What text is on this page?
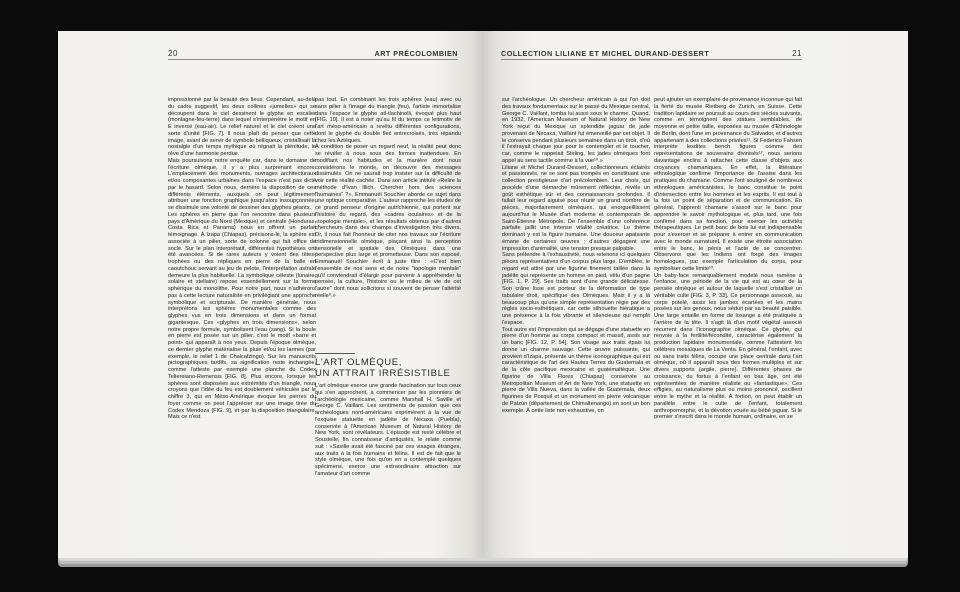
20	ART PRÉCOLOMBIEN
impressionné par la beauté des lieux. Cependant, au-delà du cadre suggestif, les deux collines «jumelles» qui se découpent dans le ciel dessinent le glyphe en escalier (montagne-feu-terre) dans lequel s'interpénètre le motif en E inversé (eau-air). Le relief naturel et le ciel créent une sorte d'unité [FIG. 7]. Il nous plaît de penser que cette image, avant de servir de symbole belliqueux, cristallisait la nostalgie d'un temps mythique où régnait la plénitude, le rêve d'une harmonie perdue.
Mais poursuivons notre enquête car, dans le domaine de l'écriture olmèque, il y a plus surprenant encore. L'emplacement des monuments, ouvrages architecturaux et/ou composantes urbaines dans l'espace n'est pas dicté par le hasard. Selon nous, derrière la disposition de ces différents éléments, auxquels on peut légitimement attribuer une fonction graphique jusqu'alors insoupçonnée, se dissimule une volonté de dessiner des glyphes géants.
Les sphères en pierre que l'on rencontre dans plusieurs pays d'Amérique du Nord (Mexique) et centrale (Honduras, Costa Rica et Panama) nous en offrent un parfait témoignage. À Izapa (Chiapas), précisons-le, la sphère est associée à un pilier, sorte de colonne qui fait office de socle. Sur le plan interprétatif, différentes hypothèses ont été avancées. Si de rares auteurs y voient des têtes-trophées ou des répliques en pierre de la balle en caoutchouc servant au jeu de pelote, l'interprétation astrale demeure la plus habituelle. La symbolique céleste (lunaire, solaire et stellaire) repose essentiellement sur la forme sphérique du monolithe. Pour notre part, nous n'adhérons pas à cette lecture naturaliste en privilégiant une approche symbolique et scripturale. De manière générale, nous interprétons les sphères monumentales comme des glyphes vus en trois dimensions et dans un format gigantesque. Ces «glyphes en trois dimensions», selon notre propre formule, symbolisent l'eau (sang). Si la boule en pierre est posée sur un pilier, c'est le motif «barre et point» qui apparaît à nos yeux. Depuis l'époque olmèque, ce dernier glyphe matérialise la pluie et/ou les larmes (par exemple, le relief 1 de Chalcatzingo). Sur les manuscrits pictographiques tardifs, sa signification reste inchangée, comme l'atteste par exemple une planche du Codex Tellereiano-Remensis [FIG. 8]. Plus encore, lorsque les sphères sont disposées aux extrémités d'un triangle, nous croyons que l'idée du feu est doublement véhiculée par le chiffre 3, qui en Méso-Amérique évoque les pierres du foyer comme on peut l'apprécier sur une image tirée du Codex Mendoza [FIG. 9], et par la disposition triangulaire. Mais ce n'est
pas tout. En combinant les trois sphères (eau) avec ou sans pilier à l'image du triangle (feu), l'artiste immortalise dans l'espace le glyphe atl-tlachinolli, évoqué plus haut [FIG. 10]. Il est à noter qu'au fil du temps ce leitmotiv de l'art méso-américain a revêtu différentes configurations, dont le glyphe du double fleć entrecroisés, très répandu chez les Aztèques.
À condition de poser un regard neuf, la réalité peut donc se révéler à nous sous des formes inattendues. En modifiant nos habitudes et la manière dont nous considérons le monde, on découvre des messages dissimulés. On ne saurait trop insister sur la difficulté de voir cette réalité cachée. Dans son article intitulé «Relire la méthode d'Ivan Illich. Chercher hors des sciences "humaines" ?», Emmanuël Souchier aborde ce sujet dans une optique comparative. L'auteur rapproche les études de ce grand penseur d'origine autrichienne, qui portent sur l'histoire du regard, des «cadres oculaires» et de la «topologie mentale», et les résultats obtenus par d'autres chercheurs dans des champs d'investigation très divers. Or, il nous fait l'honneur de citer nos travaux sur l'écriture tridimensionnelle olmèque, plaçant ainsi la perception sensorielle et spatiale des Olmèques dans une perspective plus large et prometteuse. Dans son exposé, Emmanuël Souchier écrit à juste titre : «C'est bien l'ensemble de nos sens et de notre "topologie mentale" qu'il conviendrait d'élargir pour parvenir à appréhender la pensée, la culture, l'histoire ou le milieu de vie de cet "autre" dont nous sollicitons si souvent de penser l'altérité réelle⁹.»
L'ART OLMÈQUE,
UN ATTRAIT IRRÉSISTIBLE
L'art olmèque exerce une grande fascination sur tous ceux qui s'en approchent, à commencer par les pionniers de l'archéologie mexicaine, comme Marshall H. Saville et George C. Vaillant. Les sentiments de passion que ces archéologues nord-américains exprimèrent à la vue de l'exquise statuette en jadéite de Necaxa (Puebla), conservée à l'American Museum of Natural History de New York, sont révélateurs. L'épisode est resté célèbre et Soustelle, fin connaisseur d'antiquités, le relate comme suit : «Saville avait été fasciné par ces visages étranges, aux traits à la fois humains et félins. Il est de fait que le style olmèque, une fois qu'on en a contemplé quelques spécimens, exerce une extraordinaire attraction sur l'amateur d'art comme
COLLECTION LILIANE ET MICHEL DURAND-DESSERT	21
sur l'archéologue. Un chercheur américain à qui l'on doit des travaux fondamentaux sur le passé du Mexique central, George C. Vaillant, tomba lui aussi sous le charme. Quand, en 1932, l'American Museum of Natural History de New York reçut du Mexique un splendide jaguar de jade provenant de Necaxa, Vaillant fut émerveillé par cet objet. Il le conserva pendant plusieurs semaines dans un tiroir, d'où il l'extrayait chaque jour pour le contempler et le toucher, car, comme le rappelait Stirling, les jades olmèques font appel au sens tactile comme à la vue¹⁰.»
Liliane et Michel Durand-Dessert, collectionneurs éclairés et passionnés, ne se sont pas trompés en constituant une collection prestigieuse d'art précolombien. Leur choix, qui procède d'une démarche mûrement réfléchie, révèle un goût esthétique sûr et des connaissances profondes. Il fallait leur regard aiguisé pour réunir un grand nombre de pièces, majoritairement olmèques, qui enorgueillissent aujourd'hui le Musée d'art moderne et contemporain de Saint-Étienne Métropole. De l'ensemble d'une cohérence parfaite jaillit une intense vitalité créatrice. Le thème dominant y est la figure humaine. Une douceur apaisante émane de certaines œuvres ; d'autres dégagent une impression d'animalité, une tension presque palpable.
Sans prétendre à l'exhaustivité, nous retenons ici quelques pièces représentatives d'un corpus plus large. D'emblée, le regard est attiré par une figurine finement taillée dans la jadéite qui représente un homme en pied, vêtu d'un pagne [FIG. 1, P. 29]. Ses traits sont d'une grande délicatesse. Son crâne lisse est porteur de la déformation de type tabulaire droit, spécifique des Olmèques. Mais il y a là beaucoup plus qu'une simple représentation régie par des règles socio-esthétiques, car cette silhouette hiératique a une présence à la fois vibrante et silencieuse qui remplit l'espace.
Tout autre est l'impression qui se dégage d'une statuette en pierre d'un homme au corps compact et massif, assis sur un banc [FIG. 12, P. 54]. Son visage aux traits épais lui donne un charme sauvage. Cette œuvre puissante, qui provient d'Izapa, présente un thème iconographique qui est caractéristique de l'art des Hautes Terres du Guatemala et de la côte pacifique mexicaine et guatémaltèque. Une figurine de Villa Flores (Chiapas) conservée au Metropolitan Museum of Art de New York, une statuette en pierre de Villa Nueva, dans la vallée de Guatemala, deux figurines de Posquil et un monument en pierre volcanique de Patzún (département de Chimaltenango) en sont un bon exemple. À cette liste non exhaustive, on
peut ajouter un exemplaire de provenance inconnue qui fait la fierté du musée Rietberg de Zurich, en Suisse. Cette tradition lapidaire se poursuit au cours des siècles suivants, comme en témoignent des statues semblables, de moyenne et petite taille, exposées au musée d'Ethnologie de Berlin, dont l'une en provenance du Salvador, et d'autres appartenant à des collections privées¹¹. Si Federico Fahsen interprète lesdites bench figures comme des représentations de souverains divinisés¹², nous serions davantage enclins à rattacher cette classe d'objets aux croyances chamaniques. En effet, la littérature ethnologique confirme l'importance de l'assise dans les pratiques du chamane. Comme l'ont souligné de nombreux ethnologues américanistes, le banc constitue le point d'intersection entre les hommes et les esprits. Il est tout à la fois un point de séparation et de communication. En général, l'apprenti chamane s'assoit sur le banc pour apprendre le savoir mythologique et, plus tard, une fois confirmé dans sa fonction, pour exercer les activités thérapeutiques. Le petit banc de bois lui est indispensable pour s'exercer et se préparer à entrer en communication avec le monde surnaturel. Il existe une étroite association entre le banc, le pénis et l'acte de se concentrer. Observons que les Indiens ont forgé des images homologues, par exemple l'articulation du corps, pour symboliser cette limite¹³.
Un baby-face remarquablement modelé nous ramène à l'enfance, une période de la vie qui est au cœur de la pensée olmèque et autour de laquelle s'est cristallisé un véritable culte [FIG. 3, P. 33]. Ce personnage assexué, au corps potelé, assis les jambes écartées et les mains posées sur les genoux, nous séduit par sa beauté paisible. Une large entaille en forme de losange a été pratiquée à l'arrière de la tête. Il s'agit là d'un motif végétal associé récurrent dans l'iconographie olmèque. Ce glyphe, qui renvoie à la fertilité/fécondité, caractérise également la production lapidaire monumentale, comme l'attestent les célèbres mosaïques de La Venta. En général, l'enfant, avec ou sans traits félins, occupe une place centrale dans l'art olmèque, où il apparaît sous des formes multiples et sur divers supports (argile, pierre). Différentes phases de croissance, du fœtus à l'enfant en bas âge, ont été représentées de manière réaliste ou «fantastique». Ces effigies, au naturalisme plus ou moins prononcé, oscillent entre le mythe et la réalité. À fortiori, on peut établir un parallèle entre le culte de l'enfant, totalement anthropomorphe, et la dévotion vouée au bébé jaguar. Si le premier s'inscrit dans le monde humain, ordinaire, en se
